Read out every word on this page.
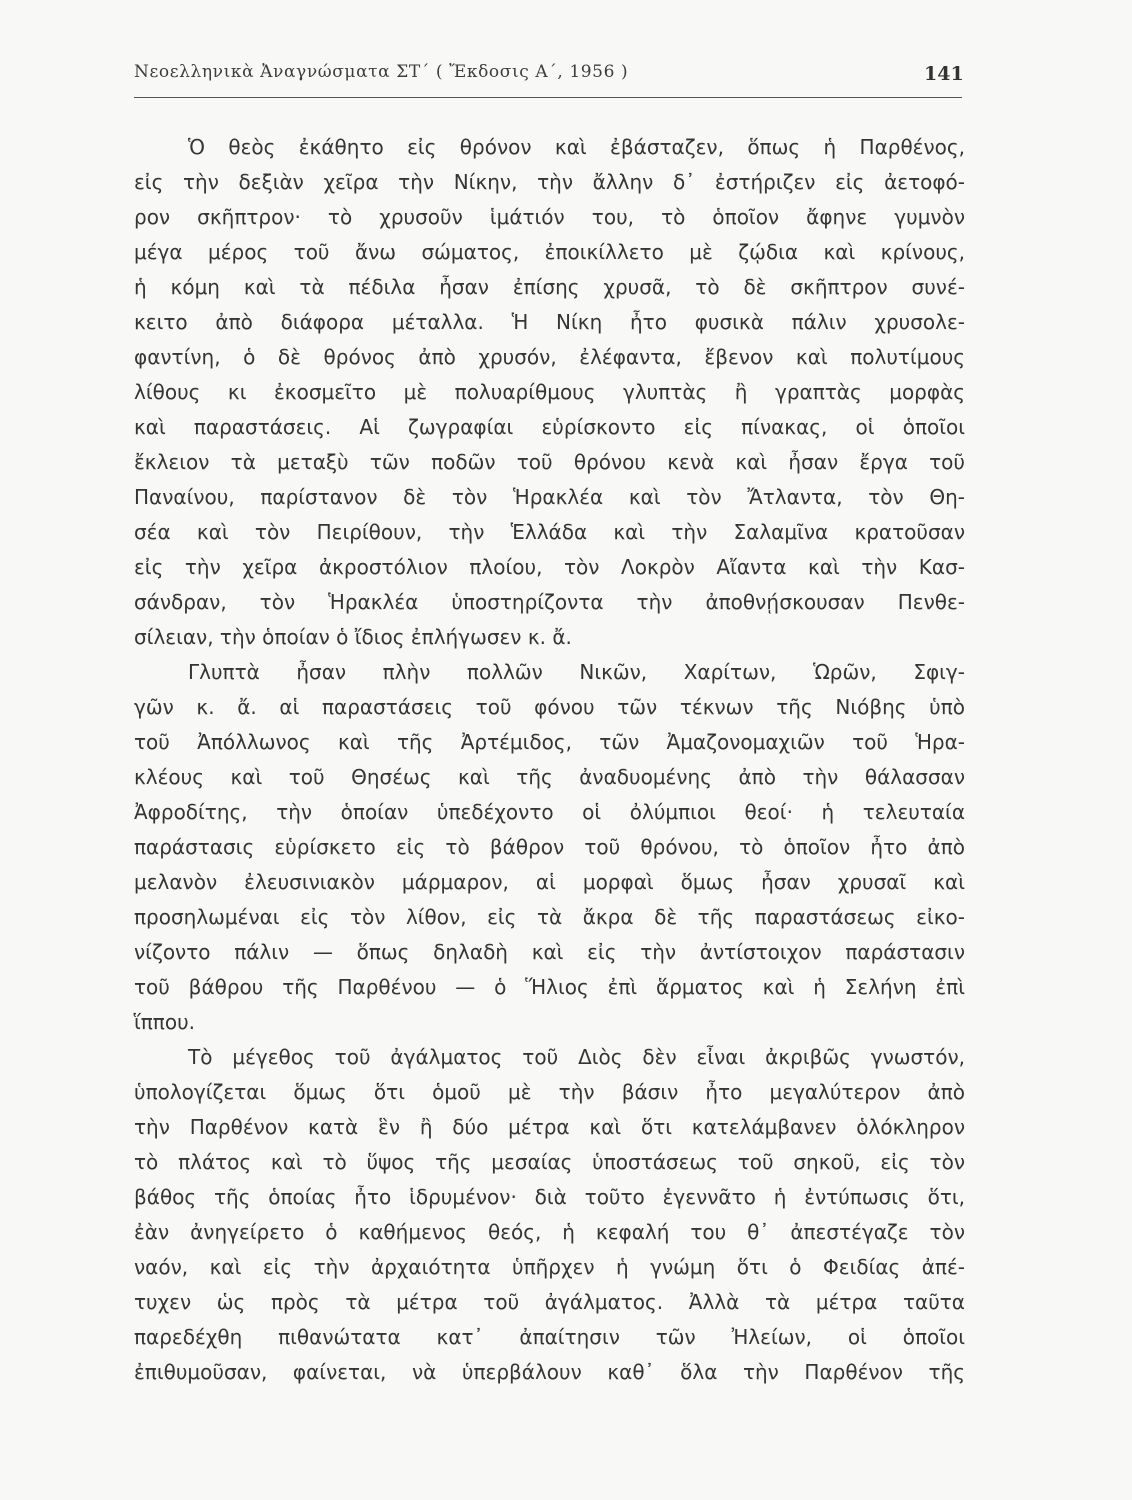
Νεοελληνικὰ Ἀναγνώσματα ΣΤ΄ ( Ἔκδοσις Α΄, 1956 )	141
Ὁ θεὸς ἐκάθητο εἰς θρόνον καὶ ἐβάσταζεν, ὅπως ἡ Παρθένος,
εἰς τὴν δεξιὰν χεῖρα τὴν Νίκην, τὴν ἄλλην δ᾽ ἐστήριζεν εἰς ἀετοφό-
ρον σκῆπτρον· τὸ χρυσοῦν ἱμάτιόν του, τὸ ὁποῖον ἄφηνε γυμνὸν
μέγα μέρος τοῦ ἄνω σώματος, ἐποικίλλετο μὲ ζῴδια καὶ κρίνους,
ἡ κόμη καὶ τὰ πέδιλα ἦσαν ἐπίσης χρυσᾶ, τὸ δὲ σκῆπτρον συνέ-
κειτο ἀπὸ διάφορα μέταλλα. Ἡ Νίκη ἦτο φυσικὰ πάλιν χρυσολε-
φαντίνη, ὁ δὲ θρόνος ἀπὸ χρυσόν, ἐλέφαντα, ἔβενον καὶ πολυτίμους
λίθους κι ἐκοσμεῖτο μὲ πολυαρίθμους γλυπτὰς ἢ γραπτὰς μορφὰς
καὶ παραστάσεις. Αἱ ζωγραφίαι εὑρίσκοντο εἰς πίνακας, οἱ ὁποῖοι
ἔκλειον τὰ μεταξὺ τῶν ποδῶν τοῦ θρόνου κενὰ καὶ ἦσαν ἔργα τοῦ
Παναίνου, παρίστανον δὲ τὸν Ἡρακλέα καὶ τὸν Ἄτλαντα, τὸν Θη-
σέα καὶ τὸν Πειρίθουν, τὴν Ἑλλάδα καὶ τὴν Σαλαμῖνα κρατοῦσαν
εἰς τὴν χεῖρα ἀκροστόλιον πλοίου, τὸν Λοκρὸν Αἴαντα καὶ τὴν Κασ-
σάνδραν, τὸν Ἡρακλέα ὑποστηρίζοντα τὴν ἀποθνῄσκουσαν Πενθε-
σίλειαν, τὴν ὁποίαν ὁ ἴδιος ἐπλήγωσεν κ. ἄ.
Γλυπτὰ ἦσαν πλὴν πολλῶν Νικῶν, Χαρίτων, Ὡρῶν, Σφιγ-
γῶν κ. ἄ. αἱ παραστάσεις τοῦ φόνου τῶν τέκνων τῆς Νιόβης ὑπὸ
τοῦ Ἀπόλλωνος καὶ τῆς Ἀρτέμιδος, τῶν Ἀμαζονομαχιῶν τοῦ Ἡρα-
κλέους καὶ τοῦ Θησέως καὶ τῆς ἀναδυομένης ἀπὸ τὴν θάλασσαν
Ἀφροδίτης, τὴν ὁποίαν ὑπεδέχοντο οἱ ὀλύμπιοι θεοί· ἡ τελευταία
παράστασις εὑρίσκετο εἰς τὸ βάθρον τοῦ θρόνου, τὸ ὁποῖον ἦτο ἀπὸ
μελανὸν ἐλευσινιακὸν μάρμαρον, αἱ μορφαὶ ὅμως ἦσαν χρυσαῖ καὶ
προσηλωμέναι εἰς τὸν λίθον, εἰς τὰ ἄκρα δὲ τῆς παραστάσεως εἰκο-
νίζοντο πάλιν — ὅπως δηλαδὴ καὶ εἰς τὴν ἀντίστοιχον παράστασιν
τοῦ βάθρου τῆς Παρθένου — ὁ Ἥλιος ἐπὶ ἅρματος καὶ ἡ Σελήνη ἐπὶ
ἵππου.
Τὸ μέγεθος τοῦ ἀγάλματος τοῦ Διὸς δὲν εἶναι ἀκριβῶς γνωστόν,
ὑπολογίζεται ὅμως ὅτι ὁμοῦ μὲ τὴν βάσιν ἦτο μεγαλύτερον ἀπὸ
τὴν Παρθένον κατὰ ἓν ἢ δύο μέτρα καὶ ὅτι κατελάμβανεν ὁλόκληρον
τὸ πλάτος καὶ τὸ ὕψος τῆς μεσαίας ὑποστάσεως τοῦ σηκοῦ, εἰς τὸν
βάθος τῆς ὁποίας ἦτο ἱδρυμένον· διὰ τοῦτο ἐγεννᾶτο ἡ ἐντύπωσις ὅτι,
ἐὰν ἀνηγείρετο ὁ καθήμενος θεός, ἡ κεφαλή του θ᾽ ἀπεστέγαζε τὸν
ναόν, καὶ εἰς τὴν ἀρχαιότητα ὑπῆρχεν ἡ γνώμη ὅτι ὁ Φειδίας ἀπέ-
τυχεν ὡς πρὸς τὰ μέτρα τοῦ ἀγάλματος. Ἀλλὰ τὰ μέτρα ταῦτα
παρεδέχθη πιθανώτατα κατ᾽ ἀπαίτησιν τῶν Ἠλείων, οἱ ὁποῖοι
ἐπιθυμοῦσαν, φαίνεται, νὰ ὑπερβάλουν καθ᾽ ὅλα τὴν Παρθένον τῆς
